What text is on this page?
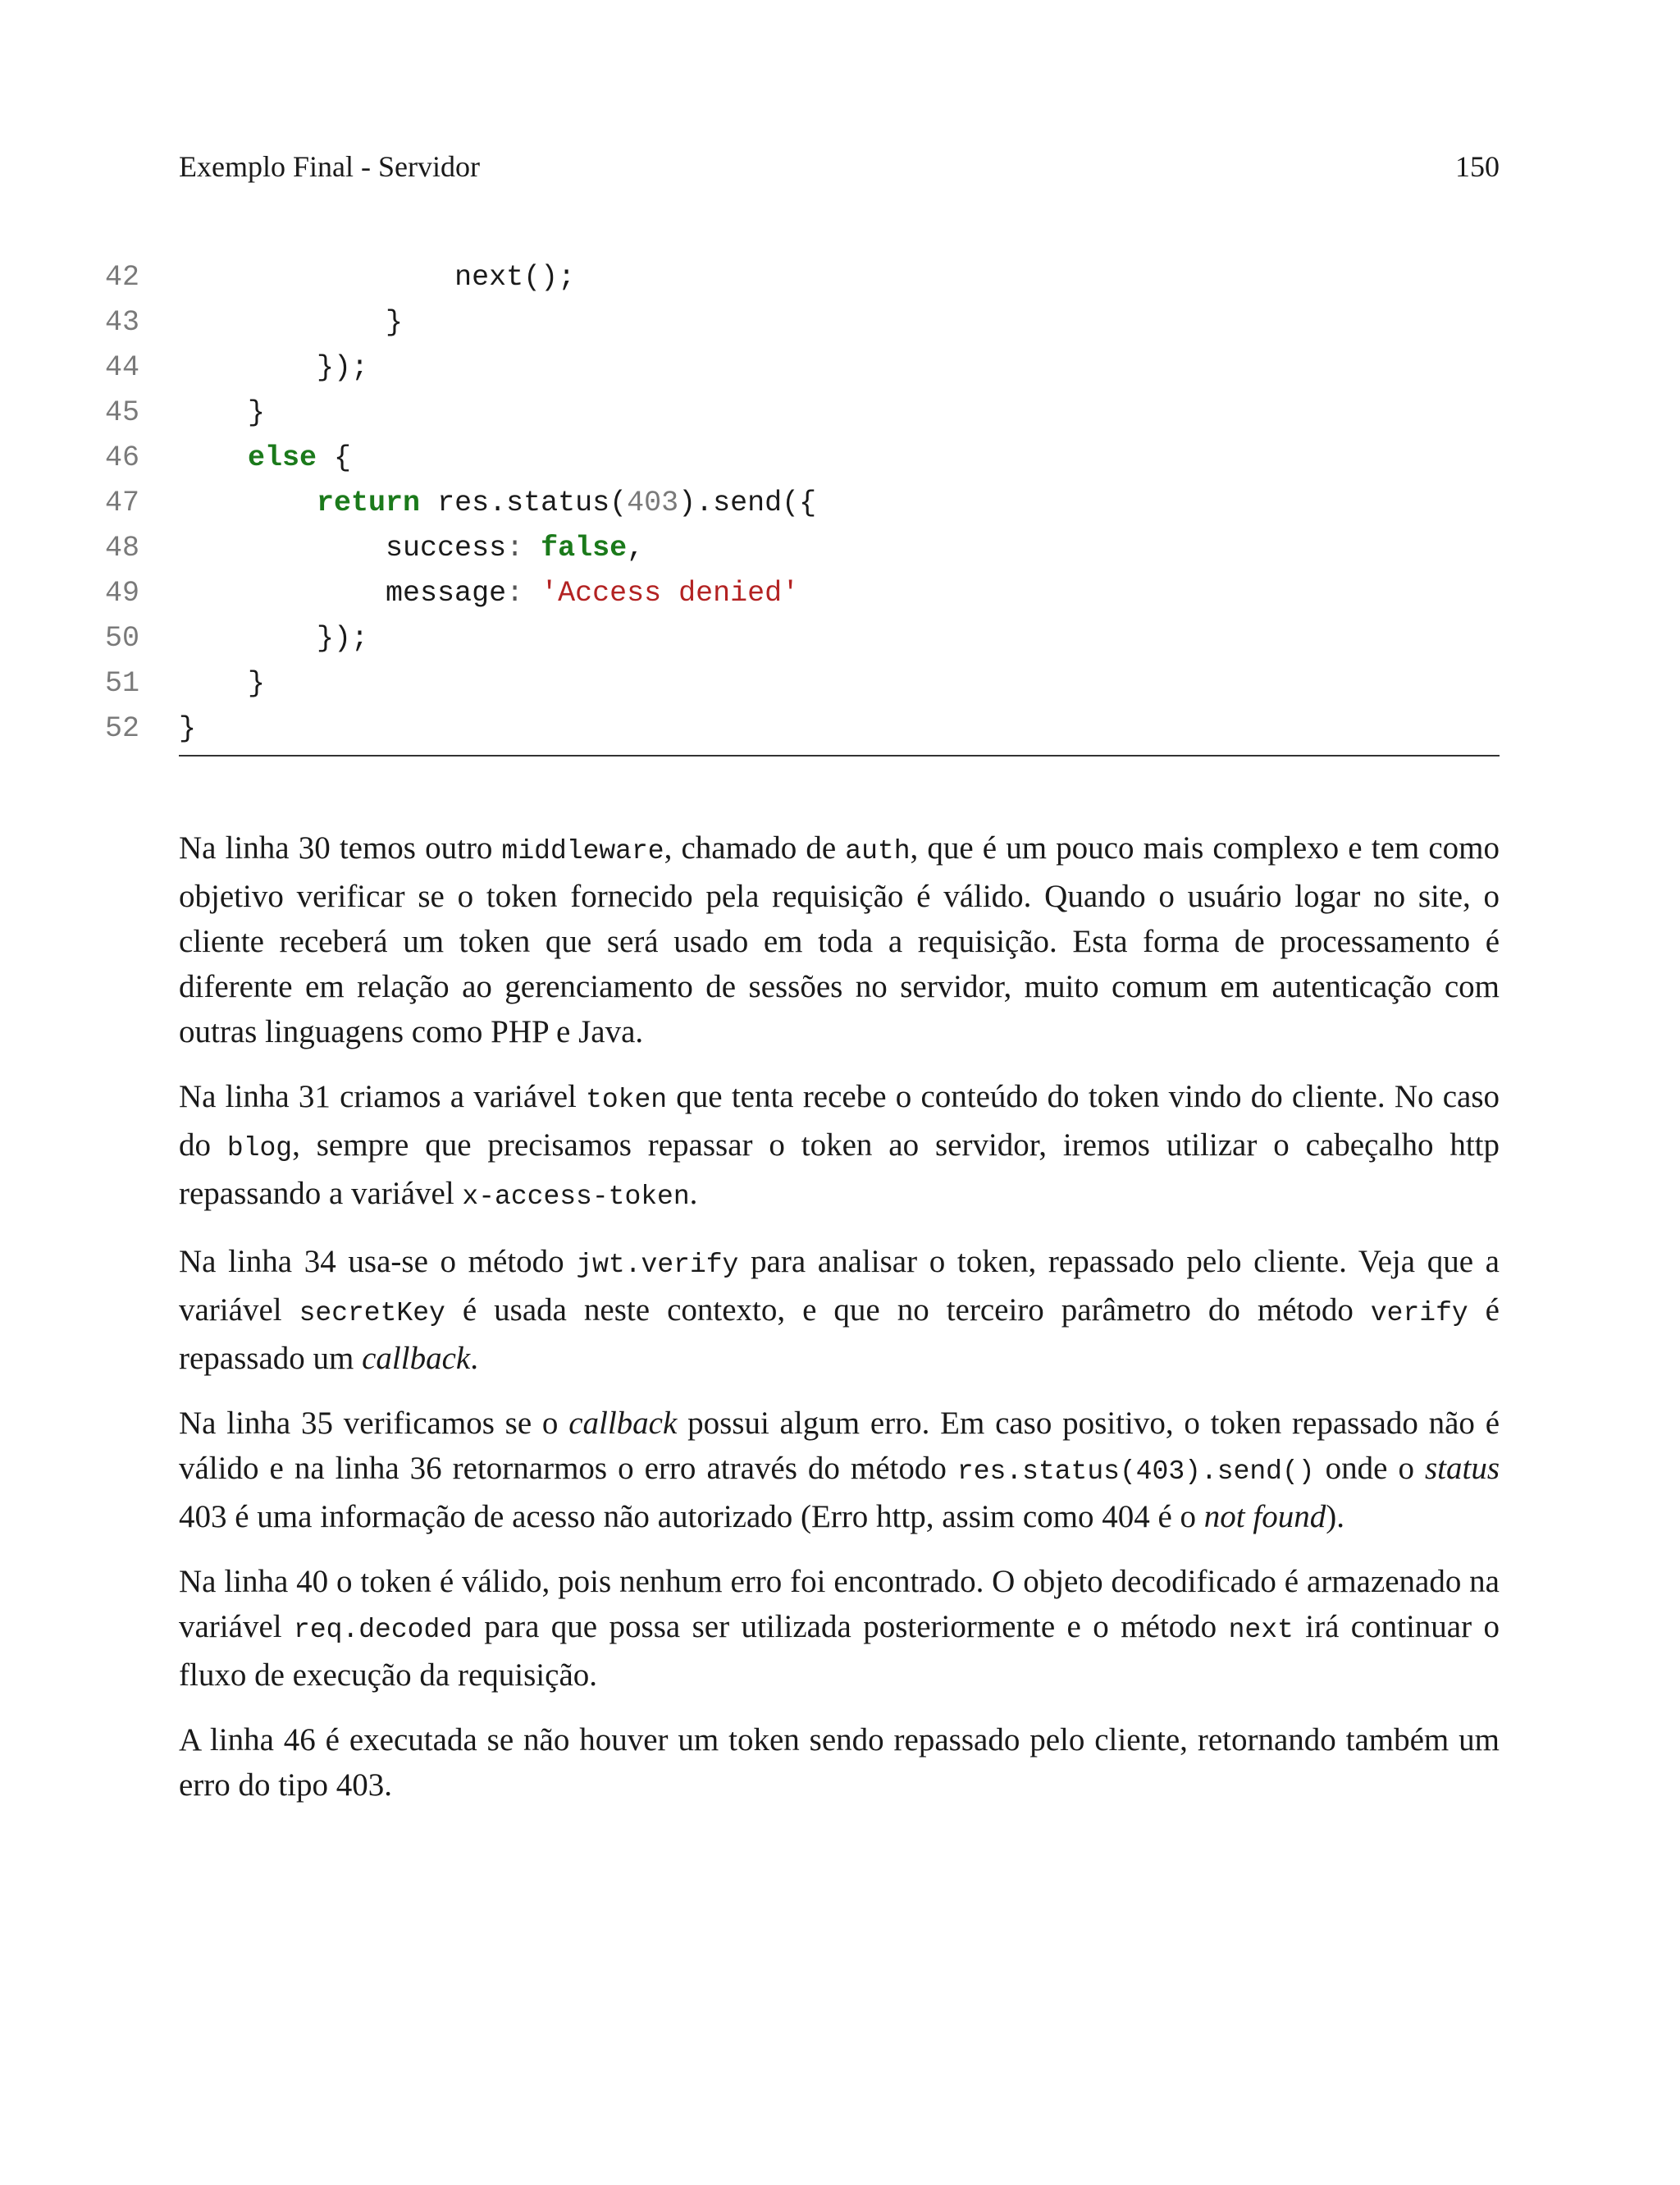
Exemplo Final - Servidor	150
42	next();
43	}
44	});
45	}
46	else {
47	return res.status(403).send({
48	success: false,
49	message: 'Access denied'
50	});
51	}
52 }

Na linha 30 temos outro middleware, chamado de auth, que é um pouco mais complexo e tem como objetivo verificar se o token fornecido pela requisição é válido. Quando o usuário logar no site, o cliente receberá um token que será usado em toda a requisição. Esta forma de processamento é diferente em relação ao gerenciamento de sessões no servidor, muito comum em autenticação com outras linguagens como PHP e Java.

Na linha 31 criamos a variável token que tenta recebe o conteúdo do token vindo do cliente. No caso do blog, sempre que precisamos repassar o token ao servidor, iremos utilizar o cabeçalho http repassando a variável x-access-token.

Na linha 34 usa-se o método jwt.verify para analisar o token, repassado pelo cliente. Veja que a variável secretKey é usada neste contexto, e que no terceiro parâmetro do método verify é repassado um callback.

Na linha 35 verificamos se o callback possui algum erro. Em caso positivo, o token repassado não é válido e na linha 36 retornarmos o erro através do método res.status(403).send() onde o status 403 é uma informação de acesso não autorizado (Erro http, assim como 404 é o not found).

Na linha 40 o token é válido, pois nenhum erro foi encontrado. O objeto decodificado é armazenado na variável req.decoded para que possa ser utilizada posteriormente e o método next irá continuar o fluxo de execução da requisição.

A linha 46 é executada se não houver um token sendo repassado pelo cliente, retornando também um erro do tipo 403.
